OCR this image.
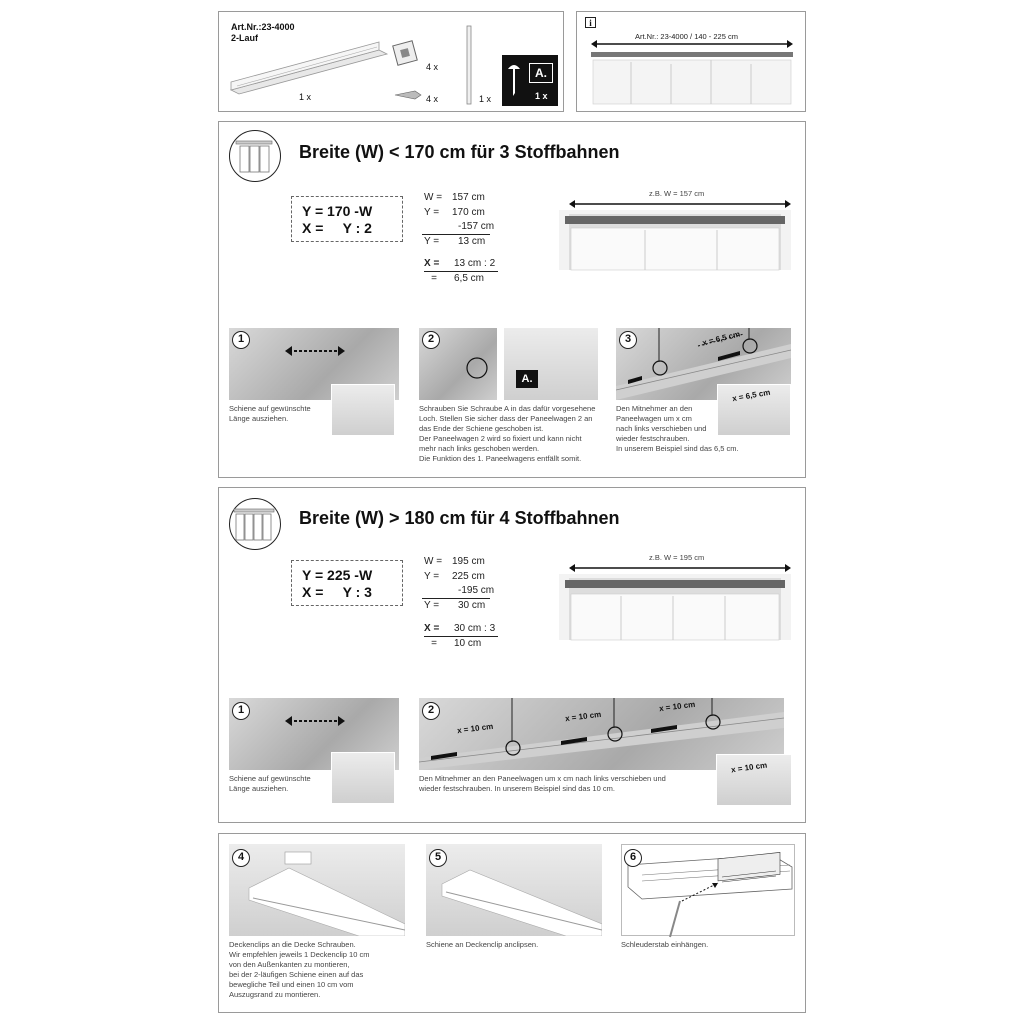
Art.Nr.:23-4000
2-Lauf
1 x
4 x
4 x	1 x
A.
1 x
i
Art.Nr.: 23-4000 / 140 - 225 cm
Breite (W) < 170 cm für 3 Stoffbahnen
Y = 170 -W
X =     Y : 2
W = 157 cm
Y =	170 cm
-157 cm
Y =	13 cm
X =	13 cm : 2
=	6,5 cm
z.B. W = 157 cm
1
Schiene auf gewünschte
Länge ausziehen.
A.
2
Schrauben Sie Schraube A in das dafür vorgesehene
Loch. Stellen Sie sicher dass der Paneelwagen 2 an
das Ende der Schiene geschoben ist.
Der Paneelwagen 2 wird so fixiert und kann nicht
mehr nach links geschoben werden.
Die Funktion des 1. Paneelwagens entfällt somit.
x = 6,5 cm
x = 6,5 cm
3
Den Mitnehmer an den
Paneelwagen um x cm
nach links verschieben und
wieder festschrauben.
In unserem Beispiel sind das 6,5 cm.
Breite (W) > 180 cm für 4 Stoffbahnen
Y = 225 -W
X =     Y : 3
W = 195 cm
Y =	225 cm
-195 cm
Y =	30 cm
X =	30 cm : 3
=	10 cm
z.B. W = 195 cm
1
Schiene auf gewünschte
Länge ausziehen.
x = 10 cm
x = 10 cm
x = 10 cm
x = 10 cm
2
Den Mitnehmer an den Paneelwagen um x cm nach links verschieben und
wieder festschrauben. In unserem Beispiel sind das 10 cm.
4
Deckenclips an die Decke Schrauben.
Wir empfehlen jeweils 1 Deckenclip 10 cm
von den Außenkanten zu montieren,
bei der 2-läufigen Schiene einen auf das
bewegliche Teil und einen 10 cm vom
Auszugsrand zu montieren.
5
Schiene an Deckenclip anclipsen.
6
Schleuderstab einhängen.
